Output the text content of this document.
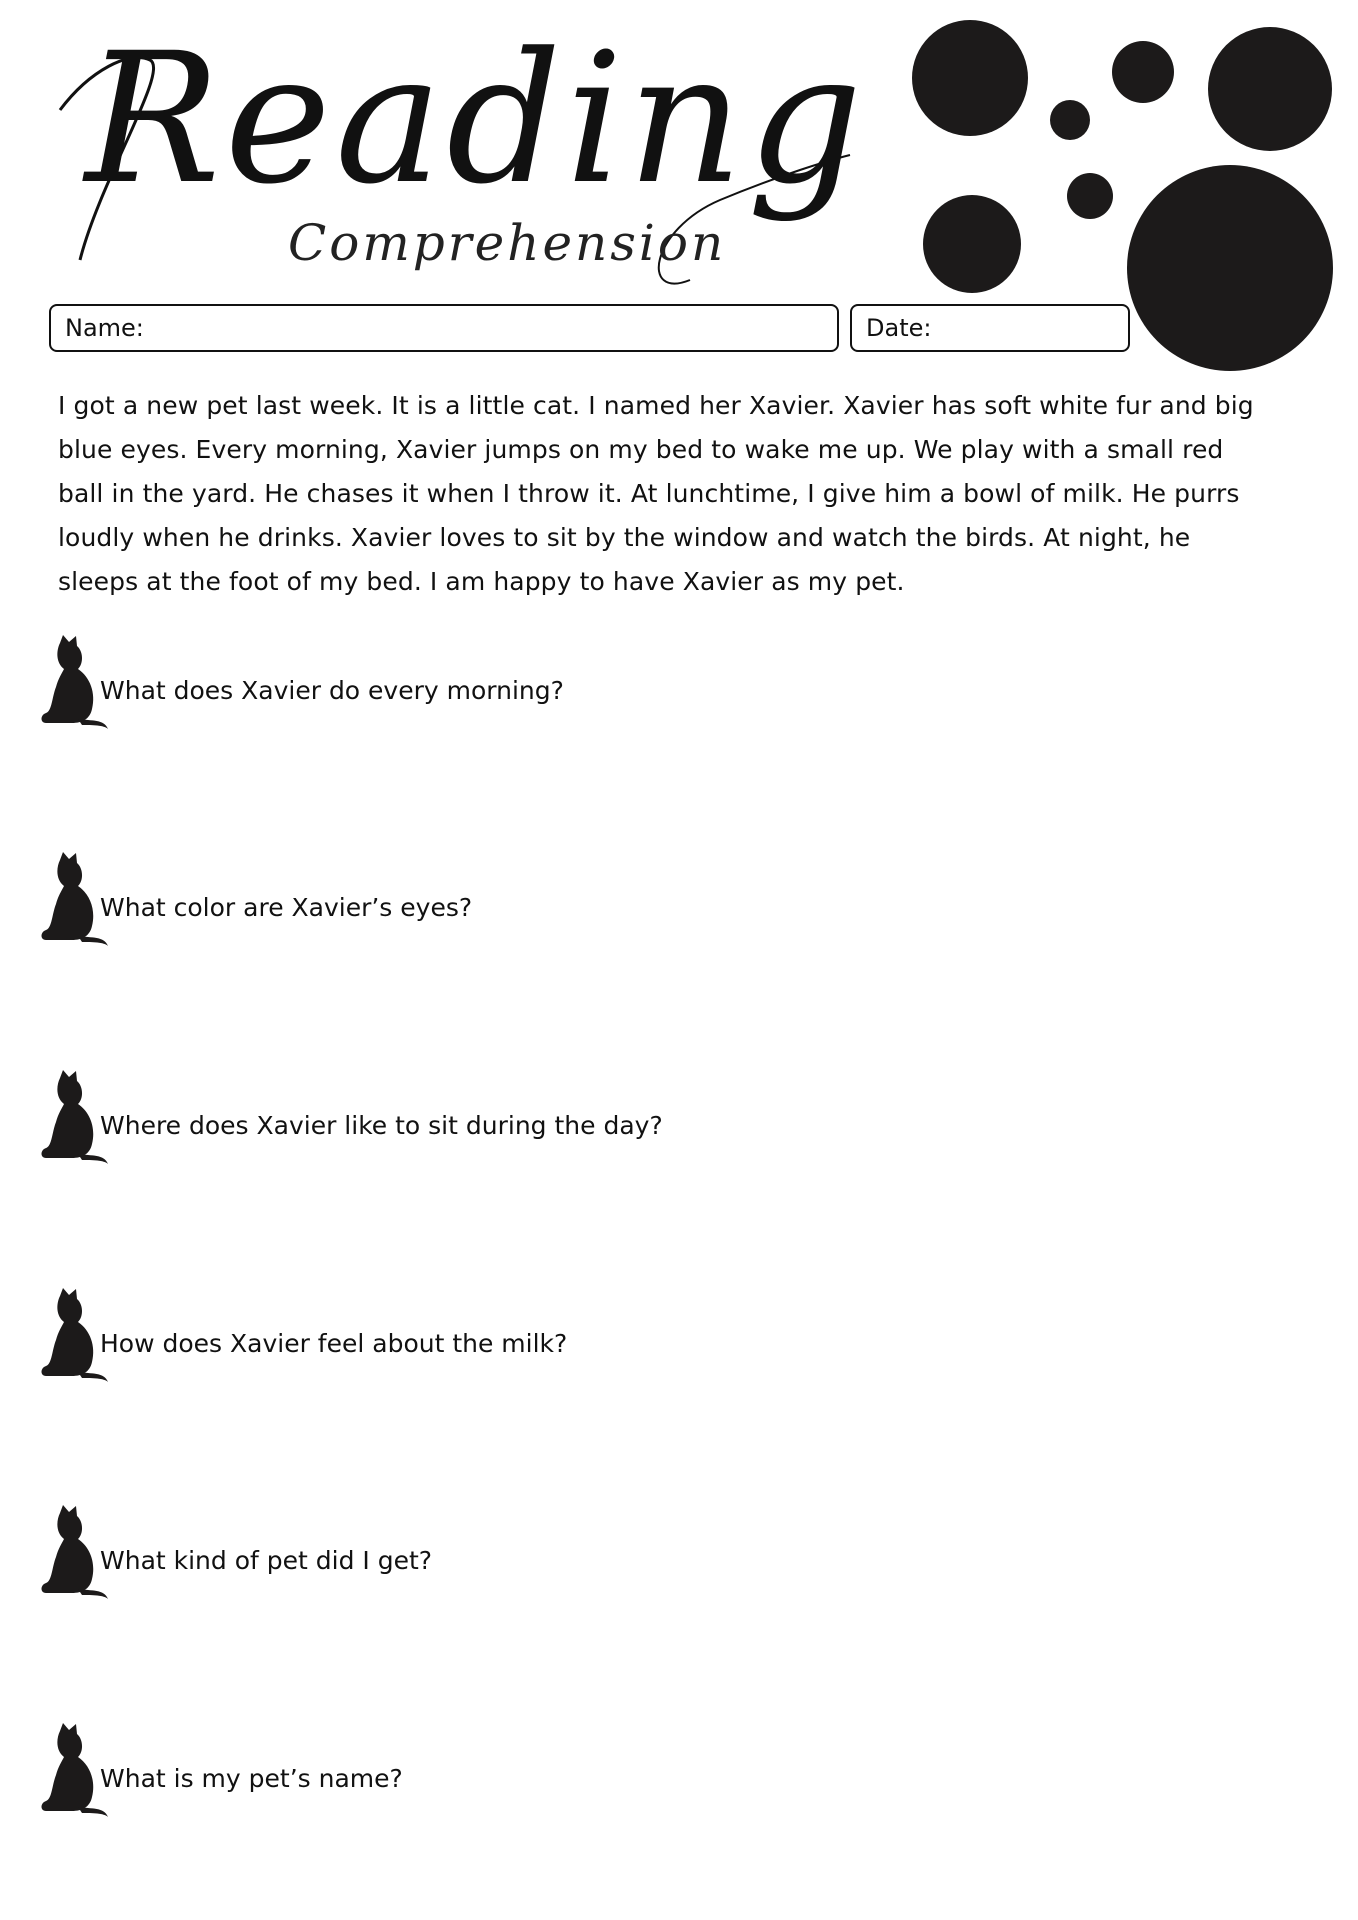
Reading
Comprehension
Name:	Date:

I got a new pet last week. It is a little cat. I named her Xavier. Xavier has soft white fur and big blue eyes. Every morning, Xavier jumps on my bed to wake me up. We play with a small red ball in the yard. He chases it when I throw it. At lunchtime, I give him a bowl of milk. He purrs loudly when he drinks. Xavier loves to sit by the window and watch the birds. At night, he sleeps at the foot of my bed. I am happy to have Xavier as my pet.

What does Xavier do every morning?
What color are Xavier’s eyes?
Where does Xavier like to sit during the day?
How does Xavier feel about the milk?
What kind of pet did I get?
What is my pet’s name?
